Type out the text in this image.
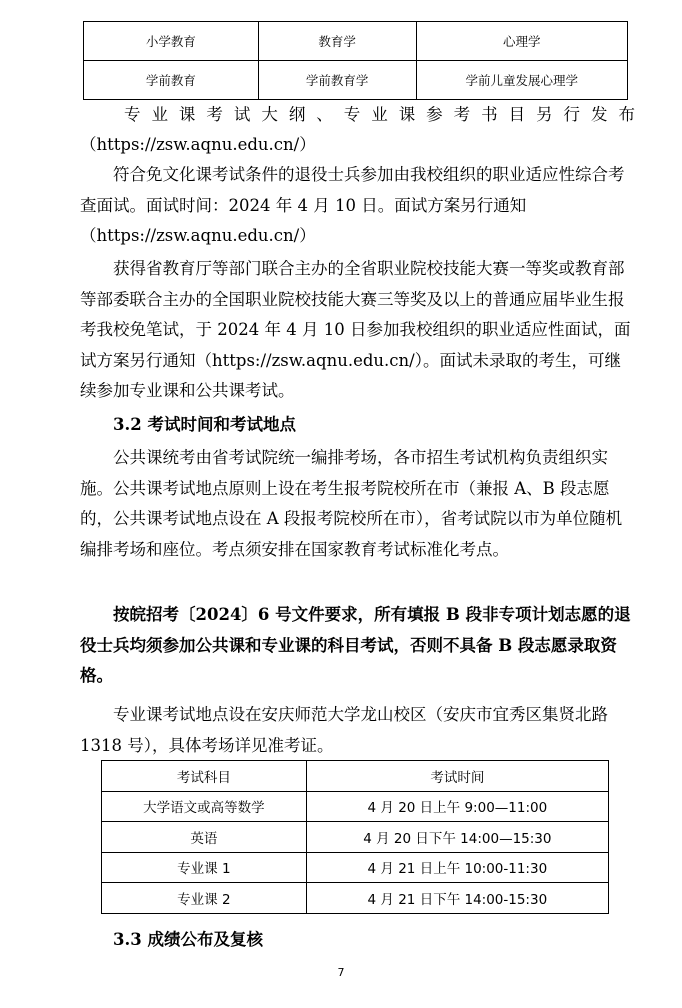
小学教育	教育学	心理学
学前教育	学前教育学	学前儿童发展心理学

专业课考试大纲、专业课参考书目另行发布

（https://zsw.aqnu.edu.cn/）

符合免文化课考试条件的退役士兵参加由我校组织的职业适应性综合考查面试。面试时间：2024 年 4 月 10 日。面试方案另行通知（https://zsw.aqnu.edu.cn/）

获得省教育厅等部门联合主办的全省职业院校技能大赛一等奖或教育部等部委联合主办的全国职业院校技能大赛三等奖及以上的普通应届毕业生报考我校免笔试，于 2024 年 4 月 10 日参加我校组织的职业适应性面试，面试方案另行通知（https://zsw.aqnu.edu.cn/）。面试未录取的考生，可继续参加专业课和公共课考试。

3.2 考试时间和考试地点

公共课统考由省考试院统一编排考场，各市招生考试机构负责组织实施。公共课考试地点原则上设在考生报考院校所在市（兼报 A、B 段志愿的，公共课考试地点设在 A 段报考院校所在市），省考试院以市为单位随机编排考场和座位。考点须安排在国家教育考试标准化考点。

按皖招考〔2024〕6 号文件要求，所有填报 B 段非专项计划志愿的退役士兵均须参加公共课和专业课的科目考试，否则不具备 B 段志愿录取资格。

专业课考试地点设在安庆师范大学龙山校区（安庆市宜秀区集贤北路 1318 号），具体考场详见准考证。

考试科目	考试时间
大学语文或高等数学	4 月 20 日上午 9:00—11:00
英语	4 月 20 日下午 14:00—15:30
专业课 1	4 月 21 日上午 10:00-11:30
专业课 2	4 月 21 日下午 14:00-15:30

3.3 成绩公布及复核

7
